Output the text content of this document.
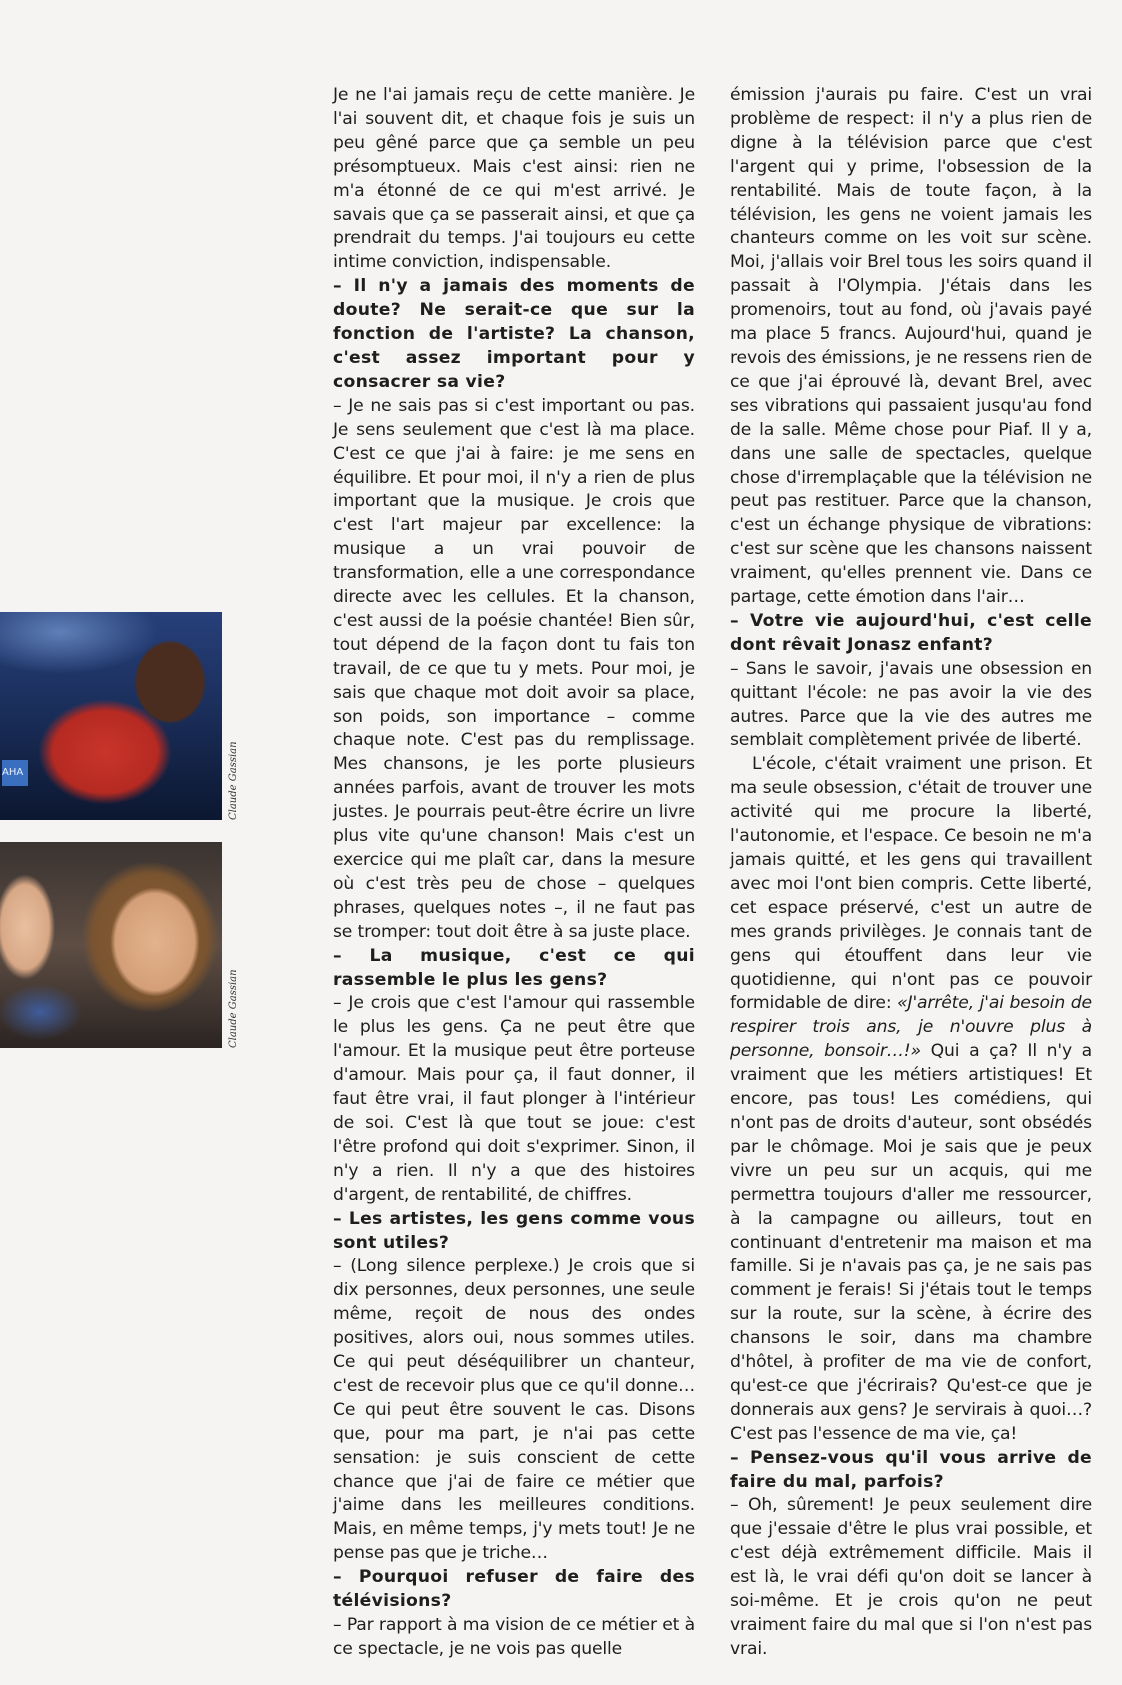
AHA	Claude Gassian
Claude Gassian

Je ne l'ai jamais reçu de cette manière. Je l'ai souvent dit, et chaque fois je suis un peu gêné parce que ça semble un peu présomptueux. Mais c'est ainsi: rien ne m'a étonné de ce qui m'est arrivé. Je savais que ça se passerait ainsi, et que ça prendrait du temps. J'ai toujours eu cette intime conviction, indispensable.

– Il n'y a jamais des moments de doute? Ne serait-ce que sur la fonction de l'artiste? La chanson, c'est assez important pour y consacrer sa vie?

– Je ne sais pas si c'est important ou pas. Je sens seulement que c'est là ma place. C'est ce que j'ai à faire: je me sens en équilibre. Et pour moi, il n'y a rien de plus important que la musique. Je crois que c'est l'art majeur par excellence: la musique a un vrai pouvoir de transformation, elle a une correspondance directe avec les cellules. Et la chanson, c'est aussi de la poésie chantée! Bien sûr, tout dépend de la façon dont tu fais ton travail, de ce que tu y mets. Pour moi, je sais que chaque mot doit avoir sa place, son poids, son importance – comme chaque note. C'est pas du remplissage. Mes chansons, je les porte plusieurs années parfois, avant de trouver les mots justes. Je pourrais peut-être écrire un livre plus vite qu'une chanson! Mais c'est un exercice qui me plaît car, dans la mesure où c'est très peu de chose – quelques phrases, quelques notes –, il ne faut pas se tromper: tout doit être à sa juste place.

– La musique, c'est ce qui rassemble le plus les gens?

– Je crois que c'est l'amour qui rassemble le plus les gens. Ça ne peut être que l'amour. Et la musique peut être porteuse d'amour. Mais pour ça, il faut donner, il faut être vrai, il faut plonger à l'intérieur de soi. C'est là que tout se joue: c'est l'être profond qui doit s'exprimer. Sinon, il n'y a rien. Il n'y a que des histoires d'argent, de rentabilité, de chiffres.

– Les artistes, les gens comme vous sont utiles?

– (Long silence perplexe.) Je crois que si dix personnes, deux personnes, une seule même, reçoit de nous des ondes positives, alors oui, nous sommes utiles. Ce qui peut déséquilibrer un chanteur, c'est de recevoir plus que ce qu'il donne… Ce qui peut être souvent le cas. Disons que, pour ma part, je n'ai pas cette sensation: je suis conscient de cette chance que j'ai de faire ce métier que j'aime dans les meilleures conditions. Mais, en même temps, j'y mets tout! Je ne pense pas que je triche…

– Pourquoi refuser de faire des télévisions?

– Par rapport à ma vision de ce métier et à ce spectacle, je ne vois pas quelle

émission j'aurais pu faire. C'est un vrai problème de respect: il n'y a plus rien de digne à la télévision parce que c'est l'argent qui y prime, l'obsession de la rentabilité. Mais de toute façon, à la télévision, les gens ne voient jamais les chanteurs comme on les voit sur scène. Moi, j'allais voir Brel tous les soirs quand il passait à l'Olympia. J'étais dans les promenoirs, tout au fond, où j'avais payé ma place 5 francs. Aujourd'hui, quand je revois des émissions, je ne ressens rien de ce que j'ai éprouvé là, devant Brel, avec ses vibrations qui passaient jusqu'au fond de la salle. Même chose pour Piaf. Il y a, dans une salle de spectacles, quelque chose d'irremplaçable que la télévision ne peut pas restituer. Parce que la chanson, c'est un échange physique de vibrations: c'est sur scène que les chansons naissent vraiment, qu'elles prennent vie. Dans ce partage, cette émotion dans l'air…

– Votre vie aujourd'hui, c'est celle dont rêvait Jonasz enfant?

– Sans le savoir, j'avais une obsession en quittant l'école: ne pas avoir la vie des autres. Parce que la vie des autres me semblait complètement privée de liberté.

L'école, c'était vraiment une prison. Et ma seule obsession, c'était de trouver une activité qui me procure la liberté, l'autonomie, et l'espace. Ce besoin ne m'a jamais quitté, et les gens qui travaillent avec moi l'ont bien compris. Cette liberté, cet espace préservé, c'est un autre de mes grands privilèges. Je connais tant de gens qui étouffent dans leur vie quotidienne, qui n'ont pas ce pouvoir formidable de dire: «J'arrête, j'ai besoin de respirer trois ans, je n'ouvre plus à personne, bonsoir…!» Qui a ça? Il n'y a vraiment que les métiers artistiques! Et encore, pas tous! Les comédiens, qui n'ont pas de droits d'auteur, sont obsédés par le chômage. Moi je sais que je peux vivre un peu sur un acquis, qui me permettra toujours d'aller me ressourcer, à la campagne ou ailleurs, tout en continuant d'entretenir ma maison et ma famille. Si je n'avais pas ça, je ne sais pas comment je ferais! Si j'étais tout le temps sur la route, sur la scène, à écrire des chansons le soir, dans ma chambre d'hôtel, à profiter de ma vie de confort, qu'est-ce que j'écrirais? Qu'est-ce que je donnerais aux gens? Je servirais à quoi…? C'est pas l'essence de ma vie, ça!

– Pensez-vous qu'il vous arrive de faire du mal, parfois?

– Oh, sûrement! Je peux seulement dire que j'essaie d'être le plus vrai possible, et c'est déjà extrêmement difficile. Mais il est là, le vrai défi qu'on doit se lancer à soi-même. Et je crois qu'on ne peut vraiment faire du mal que si l'on n'est pas vrai.
